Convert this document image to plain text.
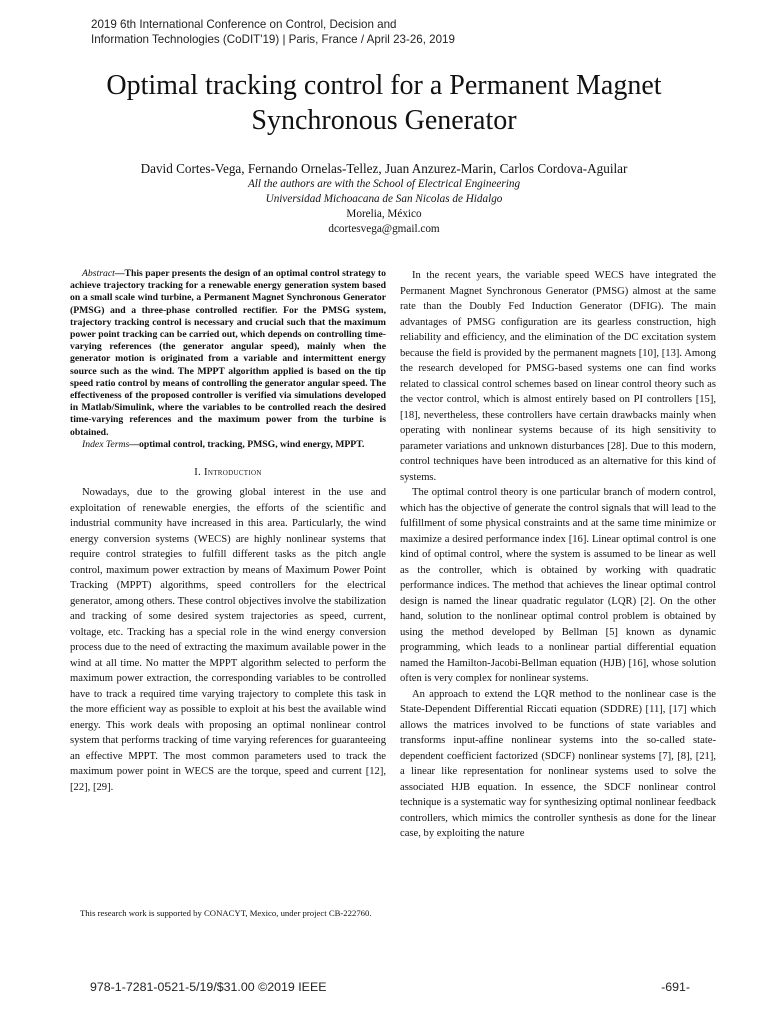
2019 6th International Conference on Control, Decision and
Information Technologies (CoDIT'19) | Paris, France / April 23-26, 2019
Optimal tracking control for a Permanent Magnet
Synchronous Generator
David Cortes-Vega, Fernando Ornelas-Tellez, Juan Anzurez-Marin, Carlos Cordova-Aguilar
All the authors are with the School of Electrical Engineering
Universidad Michoacana de San Nicolas de Hidalgo
Morelia, México
dcortesvega@gmail.com

Abstract—This paper presents the design of an optimal control strategy to achieve trajectory tracking for a renewable energy generation system based on a small scale wind turbine, a Permanent Magnet Synchronous Generator (PMSG) and a three-phase controlled rectifier. For the PMSG system, trajectory tracking control is necessary and crucial such that the maximum power point tracking can be carried out, which depends on controlling time-varying references (the generator angular speed), mainly when the generator motion is originated from a variable and intermittent energy source such as the wind. The MPPT algorithm applied is based on the tip speed ratio control by means of controlling the generator angular speed. The effectiveness of the proposed controller is verified via simulations developed in Matlab/Simulink, where the variables to be controlled reach the desired time-varying references and the maximum power from the turbine is obtained.

Index Terms—optimal control, tracking, PMSG, wind energy, MPPT.

I. Introduction

Nowadays, due to the growing global interest in the use and exploitation of renewable energies, the efforts of the scientific and industrial community have increased in this area. Particularly, the wind energy conversion systems (WECS) are highly nonlinear systems that require control strategies to fulfill different tasks as the pitch angle control, maximum power extraction by means of Maximum Power Point Tracking (MPPT) algorithms, speed controllers for the electrical generator, among others. These control objectives involve the stabilization and tracking of some desired system trajectories as speed, current, voltage, etc. Tracking has a special role in the wind energy conversion process due to the need of extracting the maximum available power in the wind at all time. No matter the MPPT algorithm selected to perform the maximum power extraction, the corresponding variables to be controlled have to track a required time varying trajectory to complete this task in the more efficient way as possible to exploit at his best the available wind energy. This work deals with proposing an optimal nonlinear control system that performs tracking of time varying references for guaranteeing an effective MPPT. The most common parameters used to track the maximum power point in WECS are the torque, speed and current [12], [22], [29].

In the recent years, the variable speed WECS have integrated the Permanent Magnet Synchronous Generator (PMSG) almost at the same rate than the Doubly Fed Induction Generator (DFIG). The main advantages of PMSG configuration are its gearless construction, high reliability and efficiency, and the elimination of the DC excitation system because the field is provided by the permanent magnets [10], [13]. Among the research developed for PMSG-based systems one can find works related to classical control schemes based on linear control theory such as the vector control, which is almost entirely based on PI controllers [15], [18], nevertheless, these controllers have certain drawbacks mainly when operating with nonlinear systems because of its high sensitivity to parameter variations and unknown disturbances [28]. Due to this modern, control techniques have been introduced as an alternative for this kind of systems.

The optimal control theory is one particular branch of modern control, which has the objective of generate the control signals that will lead to the fulfillment of some physical constraints and at the same time minimize or maximize a desired performance index [16]. Linear optimal control is one kind of optimal control, where the system is assumed to be linear as well as the controller, which is obtained by working with quadratic performance indices. The method that achieves the linear optimal control design is named the linear quadratic regulator (LQR) [2]. On the other hand, solution to the nonlinear optimal control problem is obtained by using the method developed by Bellman [5] known as dynamic programming, which leads to a nonlinear partial differential equation named the Hamilton-Jacobi-Bellman equation (HJB) [16], whose solution often is very complex for nonlinear systems.

An approach to extend the LQR method to the nonlinear case is the State-Dependent Differential Riccati equation (SDDRE) [11], [17] which allows the matrices involved to be functions of state variables and transforms input-affine nonlinear systems into the so-called state-dependent coefficient factorized (SDCF) nonlinear systems [7], [8], [21], a linear like representation for nonlinear systems used to solve the associated HJB equation. In essence, the SDCF nonlinear control technique is a systematic way for synthesizing optimal nonlinear feedback controllers, which mimics the controller synthesis as done for the linear case, by exploiting the nature

This research work is supported by CONACYT, Mexico, under project CB-222760.
978-1-7281-0521-5/19/$31.00 ©2019 IEEE	-691-
